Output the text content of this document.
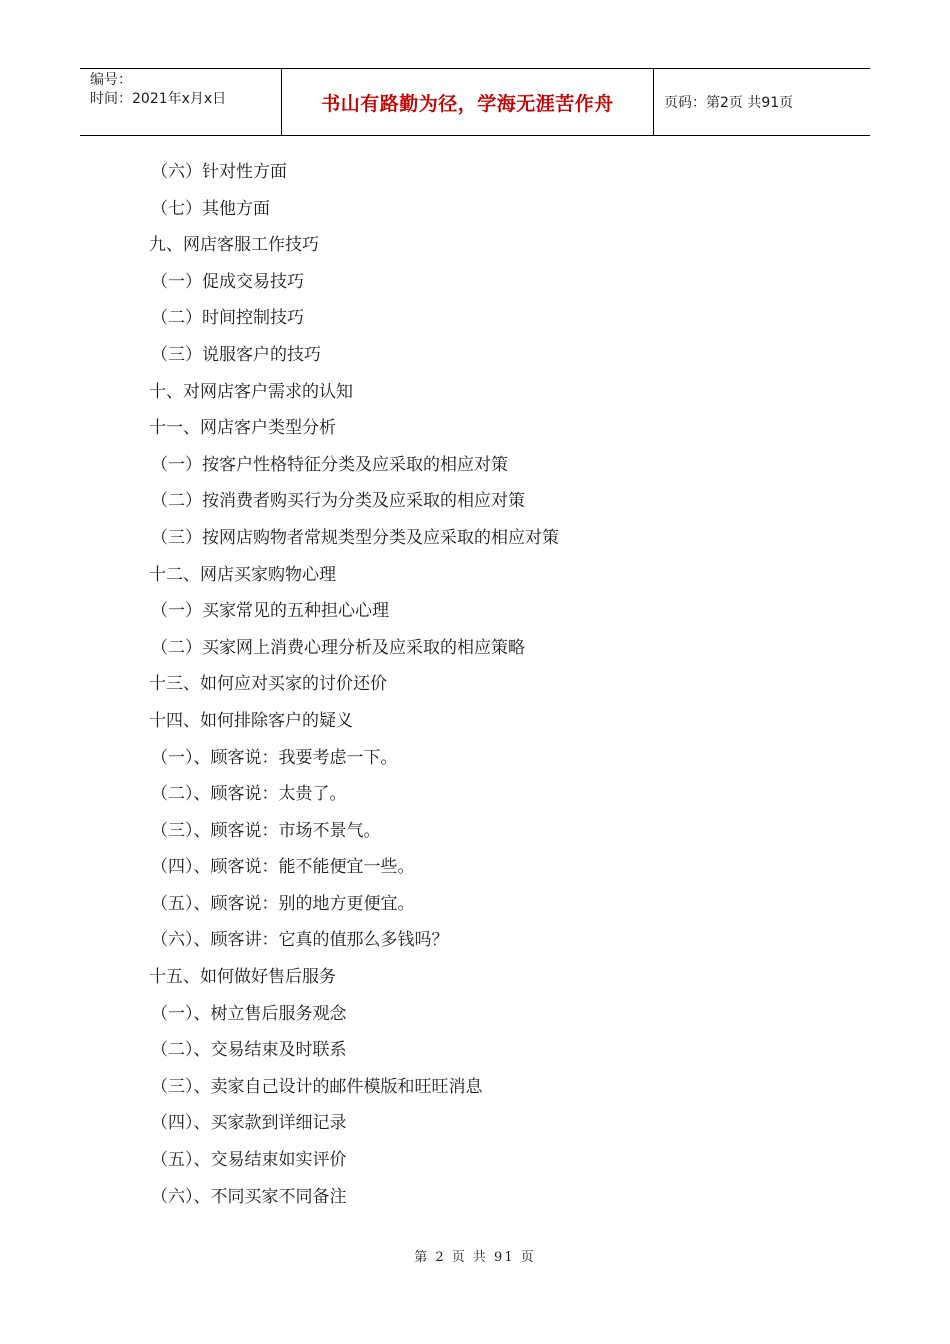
编号：
时间：2021年x月x日	书山有路勤为径，学海无涯苦作舟	页码：第2页 共91页
（六）针对性方面
（七）其他方面
九、网店客服工作技巧
（一）促成交易技巧
（二）时间控制技巧
（三）说服客户的技巧
十、对网店客户需求的认知
十一、网店客户类型分析
（一）按客户性格特征分类及应采取的相应对策
（二）按消费者购买行为分类及应采取的相应对策
（三）按网店购物者常规类型分类及应采取的相应对策
十二、网店买家购物心理
（一）买家常见的五种担心心理
（二）买家网上消费心理分析及应采取的相应策略
十三、如何应对买家的讨价还价
十四、如何排除客户的疑义
（一）、顾客说：我要考虑一下。
（二）、顾客说：太贵了。
（三）、顾客说：市场不景气。
（四）、顾客说：能不能便宜一些。
（五）、顾客说：别的地方更便宜。
（六）、顾客讲：它真的值那么多钱吗？
十五、如何做好售后服务
（一）、树立售后服务观念
（二）、交易结束及时联系
（三）、卖家自己设计的邮件模版和旺旺消息
（四）、买家款到详细记录
（五）、交易结束如实评价
（六）、不同买家不同备注
第 2 页 共 91 页
